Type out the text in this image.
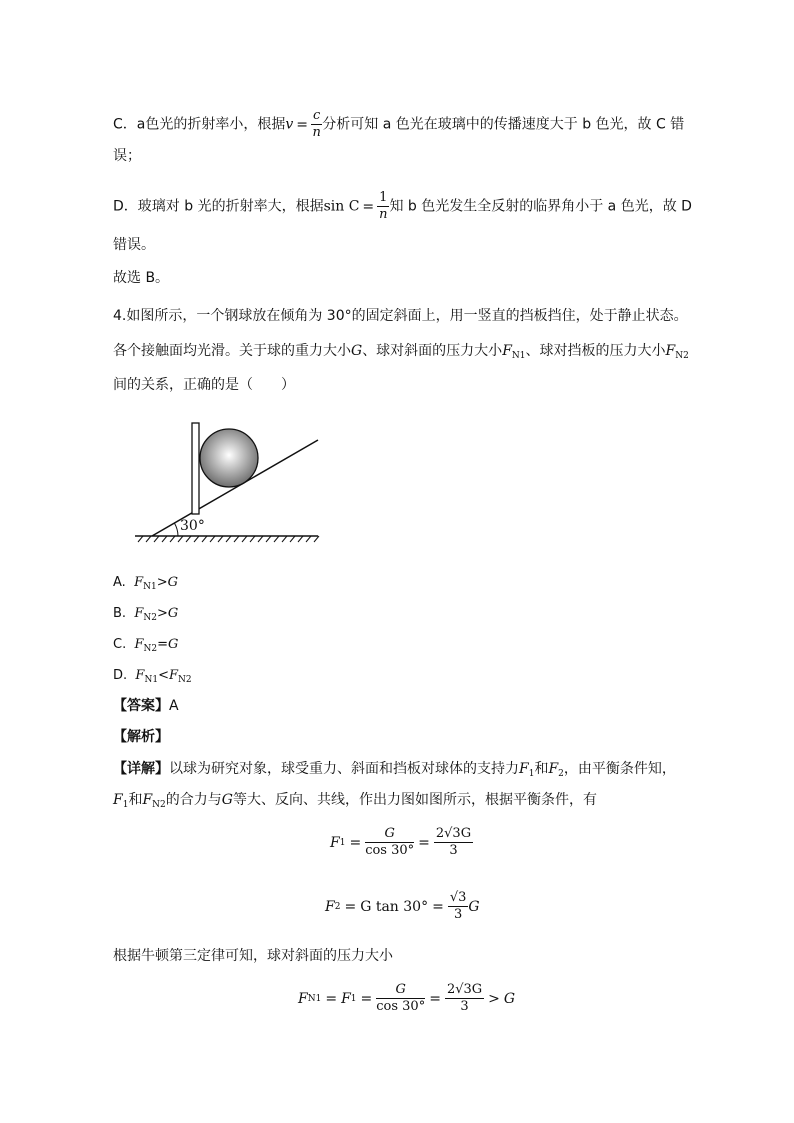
C．a色光的折射率小，根据$v = \frac{c}{n}$ 分析可知 a 色光在玻璃中的传播速度大于 b 色光，故 C 错
误；
D．玻璃对 b 光的折射率大，根据$\sin C = \frac{1}{n}$ 知 b 色光发生全反射的临界角小于 a 色光，故 D
错误。
故选 B。
4.如图所示，一个钢球放在倾角为 30°的固定斜面上，用一竖直的挡板挡住，处于静止状态。
各个接触面均光滑。关于球的重力大小G、球对斜面的压力大小$F_{N1}$、球对挡板的压力大小$F_{N2}$
间的关系，正确的是（　　）
30°
A. $F_{N1}>G$
B. $F_{N2}>G$
C. $F_{N2}=G$
D. $F_{N1}<F_{N2}$
【答案】A
【解析】
【详解】以球为研究对象，球受重力、斜面和挡板对球体的支持力$F_1$和$F_2$，由平衡条件知，
$F_1$和$F_{N2}$的合力与G等大、反向、共线，作出力图如图所示，根据平衡条件，有
F $1 = \frac{G}{\cos 30^\circ} = \frac{2√3G}{3}$
F 2 = G $\tan 30^\circ = \frac{√3}{3}$ G
根据牛顿第三定律可知，球对斜面的压力大小
F N1 = F $1 = \frac{G}{\cos 30^\circ} = \frac{2√3G}{3} > G$
